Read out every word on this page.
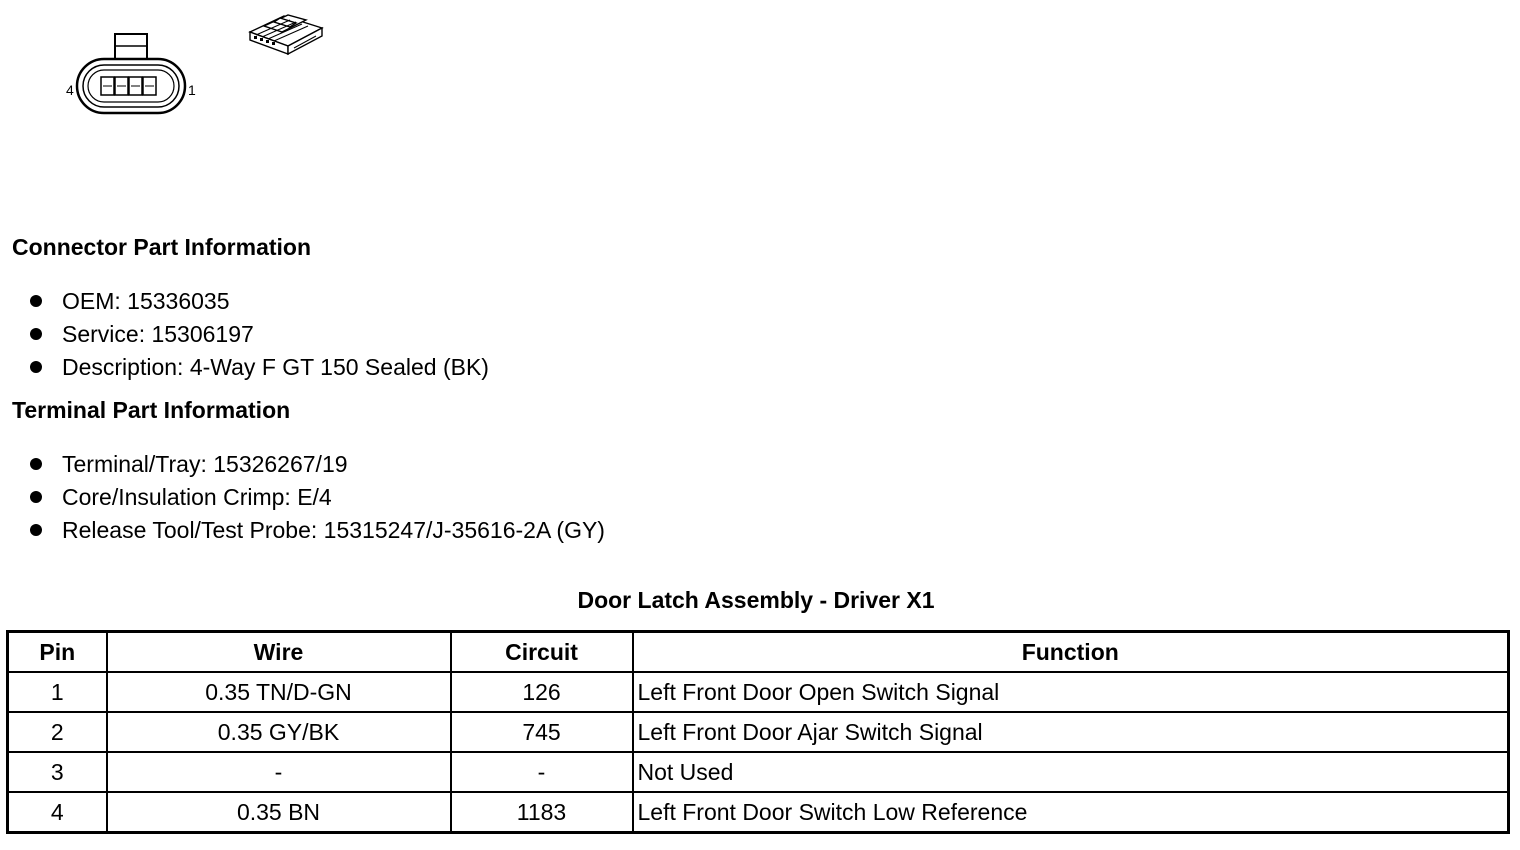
4	1
Connector Part Information
OEM: 15336035
Service: 15306197
Description: 4-Way F GT 150 Sealed (BK)
Terminal Part Information
Terminal/Tray: 15326267/19
Core/Insulation Crimp: E/4
Release Tool/Test Probe: 15315247/J-35616-2A (GY)
Door Latch Assembly - Driver X1
Pin	Wire	Circuit	Function
1	0.35 TN/D-GN	126	Left Front Door Open Switch Signal
2	0.35 GY/BK	745	Left Front Door Ajar Switch Signal
3	-	-	Not Used
4	0.35 BN	1183	Left Front Door Switch Low Reference
